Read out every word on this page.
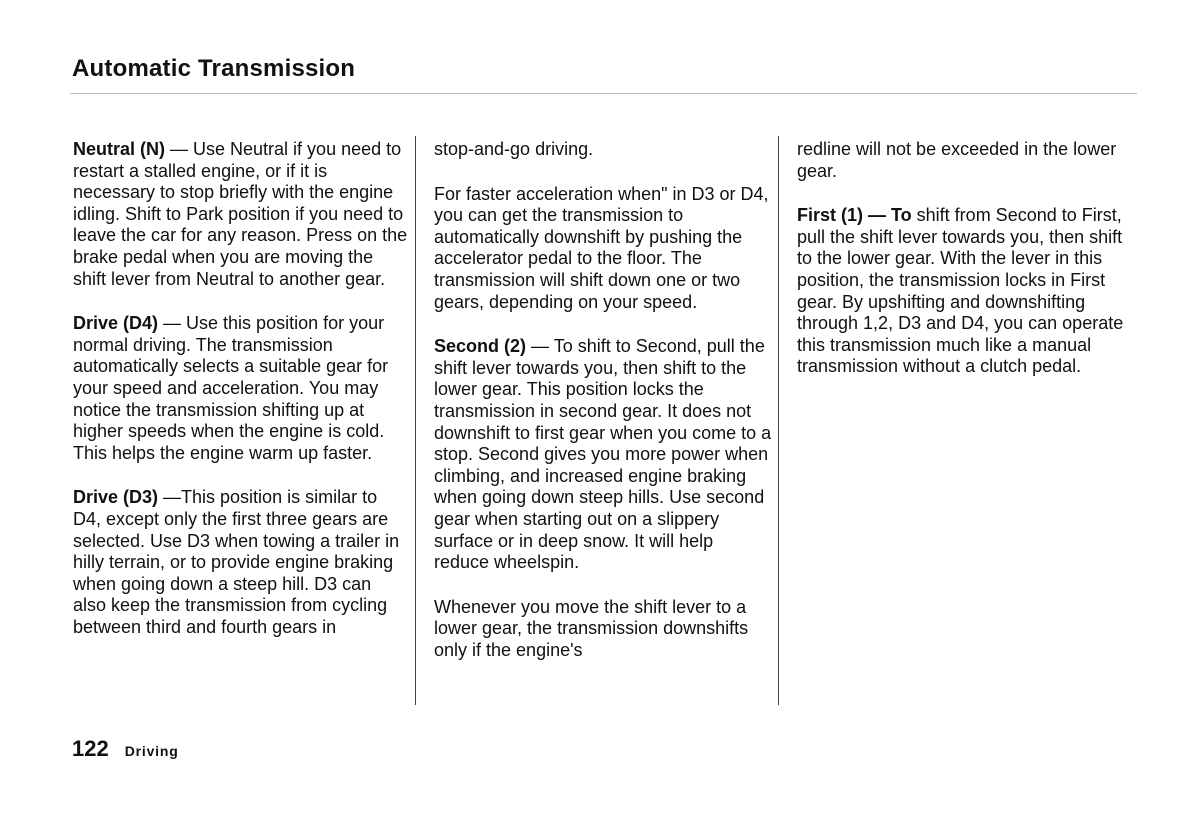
Automatic Transmission

Neutral (N) — Use Neutral if you need to restart a stalled engine, or if it is necessary to stop briefly with the engine idling. Shift to Park position if you need to leave the car for any reason. Press on the brake pedal when you are moving the shift lever from Neutral to another gear.

Drive (D4) — Use this position for your normal driving. The transmission automatically selects a suitable gear for your speed and acceleration. You may notice the transmission shifting up at higher speeds when the engine is cold. This helps the engine warm up faster.

Drive (D3) —This position is similar to D4, except only the first three gears are selected. Use D3 when towing a trailer in hilly terrain, or to provide engine braking when going down a steep hill. D3 can also keep the transmission from cycling between third and fourth gears in

stop-and-go driving.

For faster acceleration when" in D3 or D4, you can get the transmission to automatically downshift by pushing the accelerator pedal to the floor. The transmission will shift down one or two gears, depending on your speed.

Second (2) — To shift to Second, pull the shift lever towards you, then shift to the lower gear. This position locks the transmission in second gear. It does not downshift to first gear when you come to a stop. Second gives you more power when climbing, and increased engine braking when going down steep hills. Use second gear when starting out on a slippery surface or in deep snow. It will help reduce wheelspin.

Whenever you move the shift lever to a lower gear, the transmission downshifts only if the engine's

redline will not be exceeded in the lower gear.

First (1) — To shift from Second to First, pull the shift lever towards you, then shift to the lower gear. With the lever in this position, the transmission locks in First gear. By upshifting and downshifting through 1,2, D3 and D4, you can operate this transmission much like a manual transmission without a clutch pedal.

122 Driving
